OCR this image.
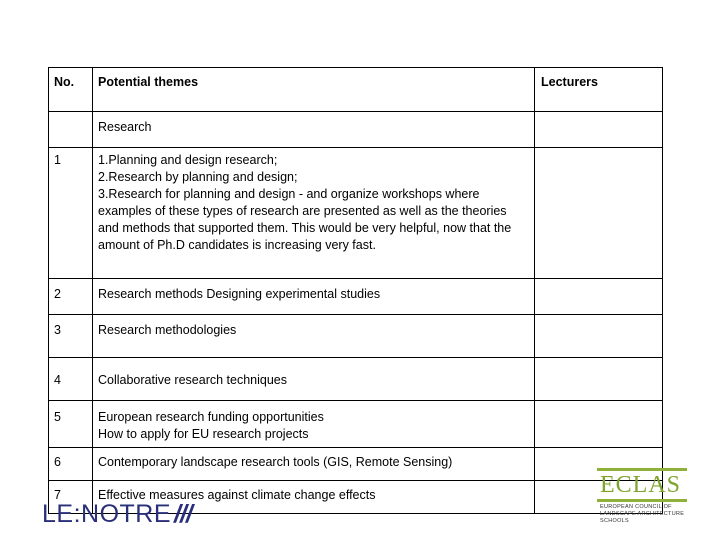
No.	Potential themes	Lecturers
	Research	
1	1.Planning and design research;
2.Research by planning and design;
3.Research for planning and design - and organize workshops where examples of these types of research are presented as well as the theories and methods that supported them. This would be very helpful, now that the amount of Ph.D candidates is increasing very fast.	

2	Research methods Designing experimental studies	

3	Research methodologies	

4	Collaborative research techniques	

5	European research funding opportunities
How to apply for EU research projects	

6	Contemporary landscape research tools (GIS, Remote Sensing)	

7	Effective measures against climate change effects	

LE:NOTRE ///
ECLAS
EUROPEAN COUNCIL OF
LANDSCAPE ARCHITECTURE
SCHOOLS
